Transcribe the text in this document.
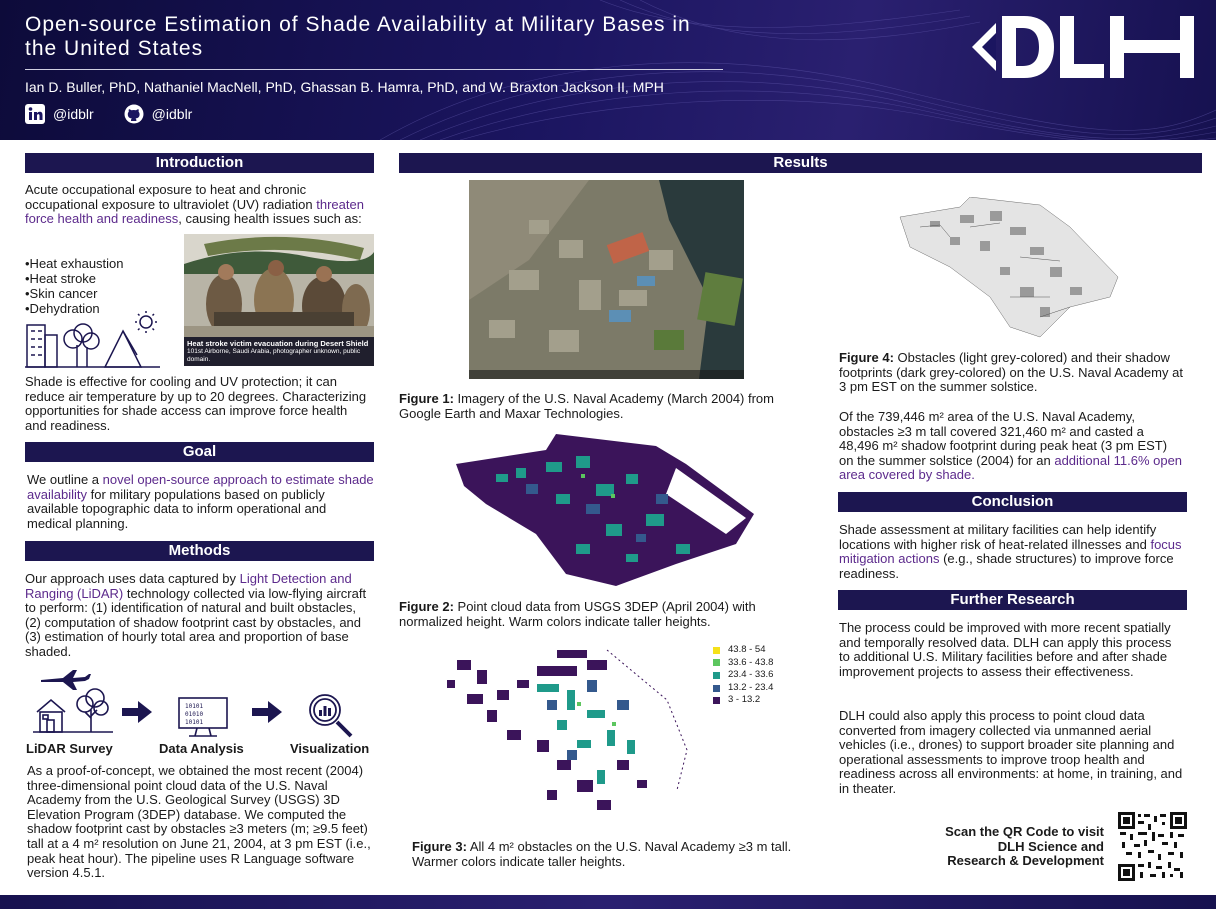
Open-source Estimation of Shade Availability at Military Bases in the United States
Ian D. Buller, PhD, Nathaniel MacNell, PhD, Ghassan B. Hamra, PhD, and W. Braxton Jackson II, MPH
@idblr	@idblr
DLH
Introduction
Acute occupational exposure to heat and chronic occupational exposure to ultraviolet (UV) radiation threaten force health and readiness, causing health issues such as:
•Heat exhaustion
•Heat stroke
•Skin cancer
•Dehydration
Heat stroke victim evacuation during Desert Shield
101st Airborne, Saudi Arabia, photographer unknown, public domain.
Shade is effective for cooling and UV protection; it can reduce air temperature by up to 20 degrees. Characterizing opportunities for shade access can improve force health and readiness.
Goal
We outline a novel open-source approach to estimate shade availability for military populations based on publicly available topographic data to inform operational and medical planning.
Methods
Our approach uses data captured by Light Detection and Ranging (LiDAR) technology collected via low-flying aircraft to perform: (1) identification of natural and built obstacles, (2) computation of shadow footprint cast by obstacles, and (3) estimation of hourly total area and proportion of base shaded.
10101
01010
10101
LiDAR Survey	Data Analysis	Visualization
As a proof-of-concept, we obtained the most recent (2004) three-dimensional point cloud data of the U.S. Naval Academy from the U.S. Geological Survey (USGS) 3D Elevation Program (3DEP) database. We computed the shadow footprint cast by obstacles ≥3 meters (m; ≥9.5 feet) tall at a 4 m² resolution on June 21, 2004, at 3 pm EST (i.e., peak heat hour). The pipeline uses R Language software version 4.5.1.
Results
Figure 1: Imagery of the U.S. Naval Academy (March 2004) from Google Earth and Maxar Technologies.
Figure 2: Point cloud data from USGS 3DEP (April 2004) with normalized height. Warm colors indicate taller heights.
43.8 - 54
33.6 - 43.8
23.4 - 33.6
13.2 - 23.4
3 - 13.2
Figure 3: All 4 m² obstacles on the U.S. Naval Academy ≥3 m tall. Warmer colors indicate taller heights.
Figure 4: Obstacles (light grey-colored) and their shadow footprints (dark grey-colored) on the U.S. Naval Academy at 3 pm EST on the summer solstice.
Of the 739,446 m² area of the U.S. Naval Academy, obstacles ≥3 m tall covered 321,460 m² and casted a 48,496 m² shadow footprint during peak heat (3 pm EST) on the summer solstice (2004) for an additional 11.6% open area covered by shade.
Conclusion
Shade assessment at military facilities can help identify locations with higher risk of heat-related illnesses and focus mitigation actions (e.g., shade structures) to improve force readiness.
Further Research
The process could be improved with more recent spatially and temporally resolved data. DLH can apply this process to additional U.S. Military facilities before and after shade improvement projects to assess their effectiveness.
DLH could also apply this process to point cloud data converted from imagery collected via unmanned aerial vehicles (i.e., drones) to support broader site planning and operational assessments to improve troop health and readiness across all environments: at home, in training, and in theater.
Scan the QR Code to visit
DLH Science and
Research & Development
